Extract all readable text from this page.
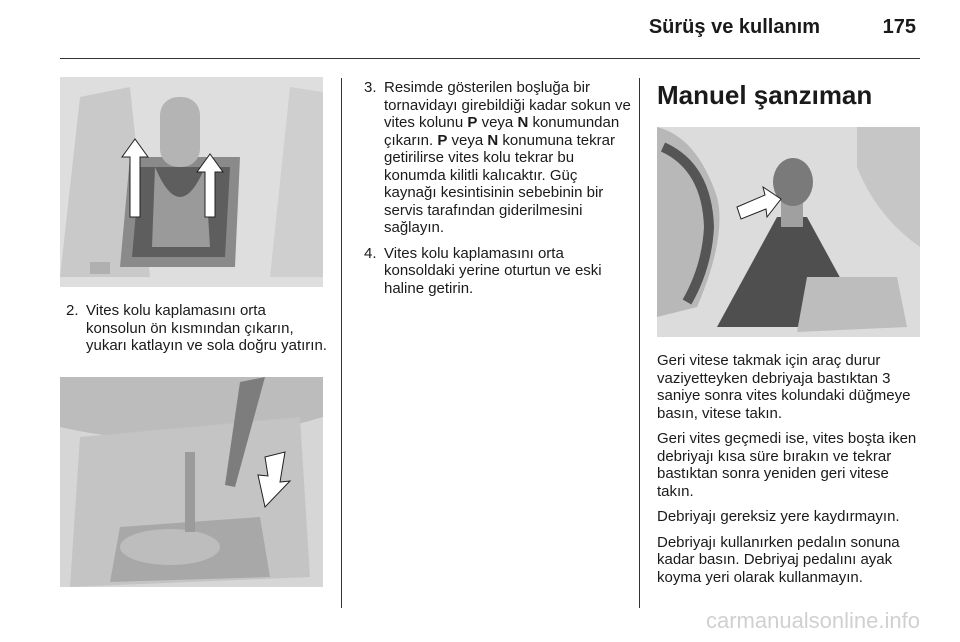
Sürüş ve kullanım	175
2. Vites kolu kaplamasını orta konsolun ön kısmından çıkarın, yukarı katlayın ve sola doğru yatırın.
3. Resimde gösterilen boşluğa bir tornavidayı girebildiği kadar sokun ve vites kolunu P veya N konumundan çıkarın. P veya N konumuna tekrar getirilirse vites kolu tekrar bu konumda kilitli kalıcaktır. Güç kaynağı kesintisinin sebebinin bir servis tarafından giderilmesini sağlayın.
4. Vites kolu kaplamasını orta konsoldaki yerine oturtun ve eski haline getirin.
Manuel şanzıman

Geri vitese takmak için araç durur vaziyetteyken debriyaja bastıktan 3 saniye sonra vites kolundaki düğmeye basın, vitese takın.

Geri vites geçmedi ise, vites boşta iken debriyajı kısa süre bırakın ve tekrar bastıktan sonra yeniden geri vitese takın.

Debriyajı gereksiz yere kaydırmayın.

Debriyajı kullanırken pedalın sonuna kadar basın. Debriyaj pedalını ayak koyma yeri olarak kullanmayın.

carmanualsonline.info
